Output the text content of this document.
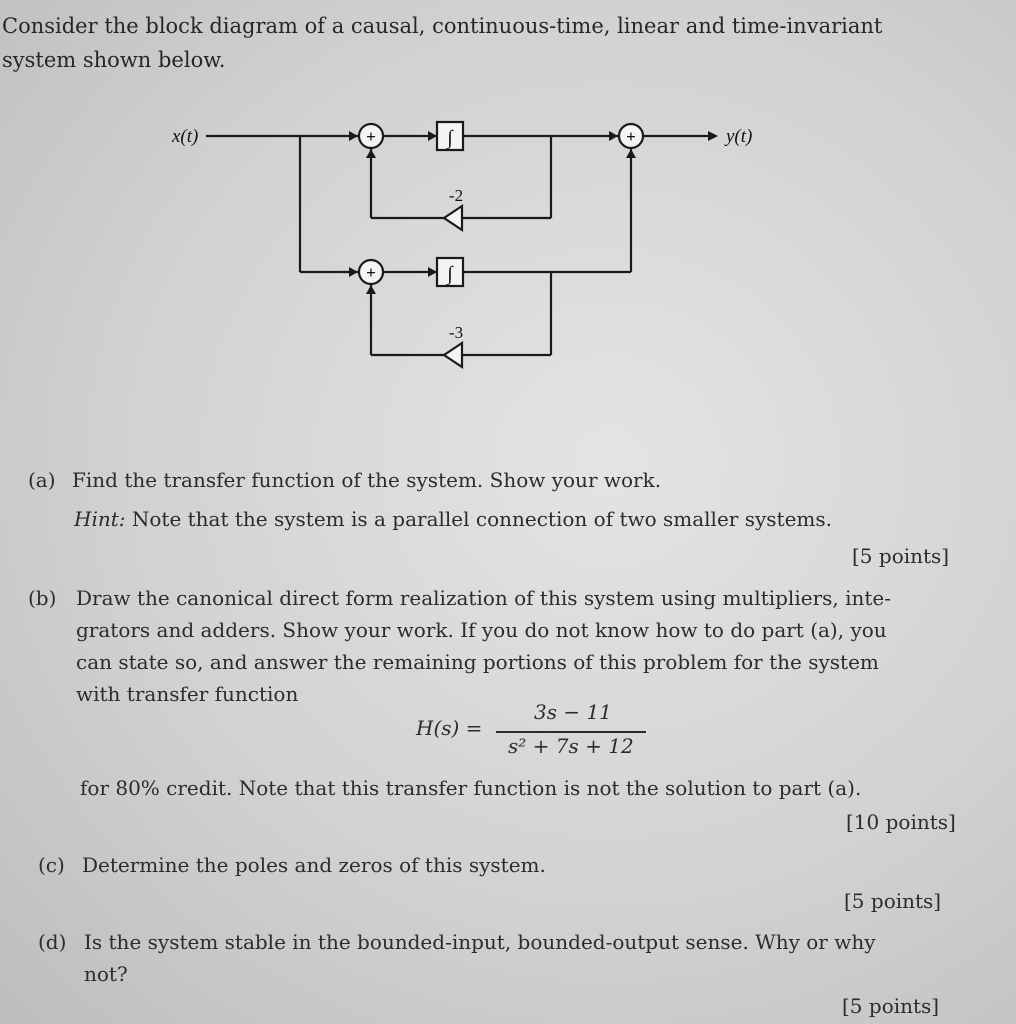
Consider the block diagram of a causal, continuous-time, linear and time-invariant
system shown below.
+
+
+
∫
∫
-2
-3
x(t)	y(t)
(a) Find the transfer function of the system. Show your work.
Hint: Note that the system is a parallel connection of two smaller systems.
[5 points]
(b) Draw the canonical direct form realization of this system using multipliers, inte-
grators and adders. Show your work. If you do not know how to do part (a), you
can state so, and answer the remaining portions of this problem for the system
with transfer function
H(s) =
3s − 11
s² + 7s + 12
for 80% credit. Note that this transfer function is not the solution to part (a).
[10 points]
(c) Determine the poles and zeros of this system.
[5 points]
(d) Is the system stable in the bounded-input, bounded-output sense. Why or why
not?
[5 points]
